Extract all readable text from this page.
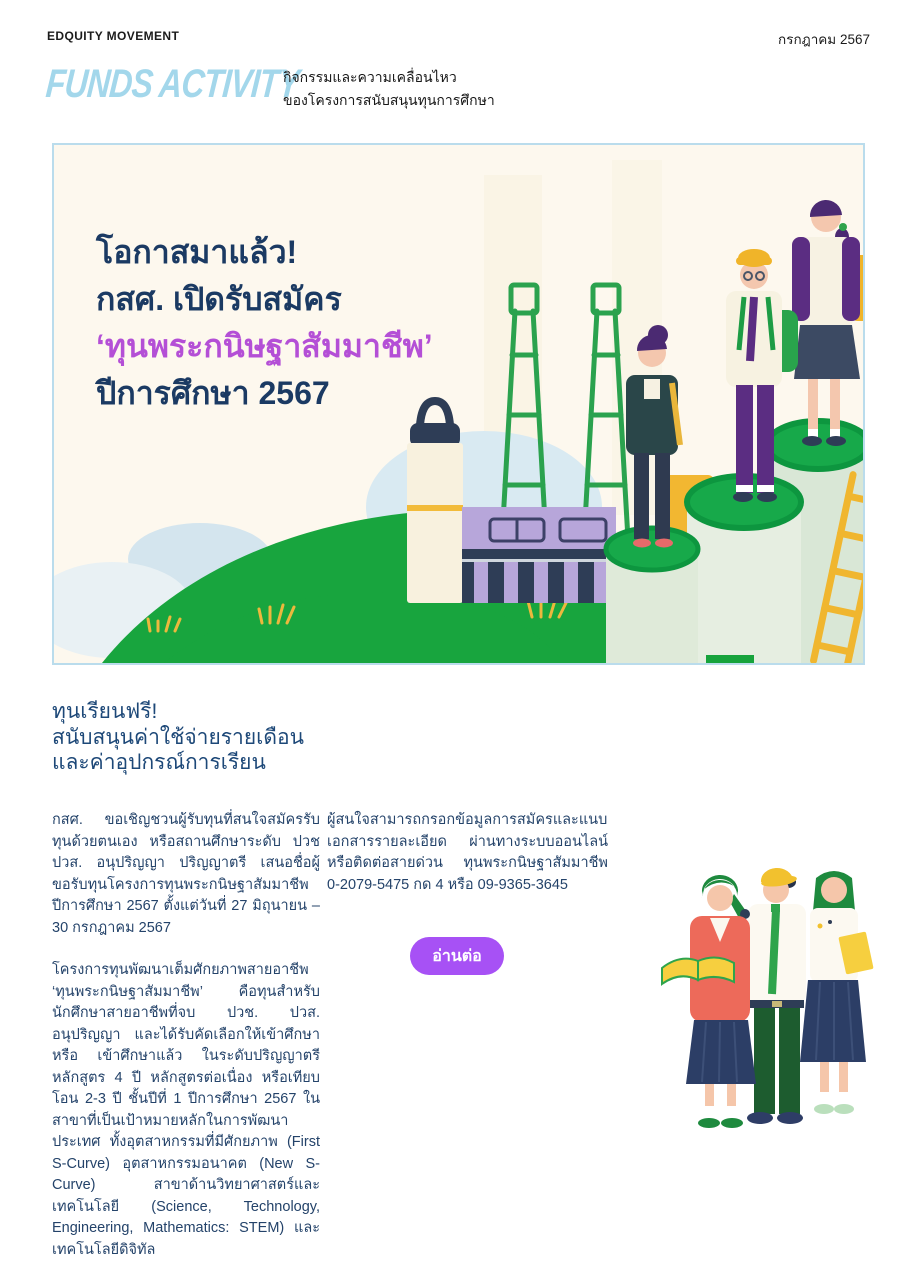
EDQUITY MOVEMENT	กรกฎาคม 2567
FUNDS ACTIVITY
กิจกรรมและความเคลื่อนไหว
ของโครงการสนับสนุนทุนการศึกษา
โอกาสมาแล้ว!
กสศ. เปิดรับสมัคร
‘ทุนพระกนิษฐาสัมมาชีพ’
ปีการศึกษา 2567
ทุนเรียนฟรี!
สนับสนุนค่าใช้จ่ายรายเดือน
และค่าอุปกรณ์การเรียน

กสศ. ขอเชิญชวนผู้รับทุนที่สนใจสมัครรับทุนด้วยตนเอง หรือสถานศึกษาระดับ ปวช ปวส. อนุปริญญา ปริญญาตรี เสนอชื่อผู้ขอรับทุนโครงการทุนพระกนิษฐาสัมมาชีพ ปีการศึกษา 2567 ตั้งแต่วันที่ 27 มิถุนายน – 30 กรกฎาคม 2567

โครงการทุนพัฒนาเต็มศักยภาพสายอาชีพ ‘ทุนพระกนิษฐาสัมมาชีพ’ คือทุนสำหรับนักศึกษาสายอาชีพที่จบ ปวช. ปวส. อนุปริญญา และได้รับคัดเลือกให้เข้าศึกษา หรือ เข้าศึกษาแล้ว ในระดับปริญญาตรีหลักสูตร 4 ปี หลักสูตรต่อเนื่อง หรือเทียบโอน 2-3 ปี ชั้นปีที่ 1 ปีการศึกษา 2567 ในสาขาที่เป็นเป้าหมายหลักในการพัฒนาประเทศ ทั้งอุตสาหกรรมที่มีศักยภาพ (First S-Curve) อุตสาหกรรมอนาคต (New S-Curve) สาขาด้านวิทยาศาสตร์และเทคโนโลยี (Science, Technology, Engineering, Mathematics: STEM) และเทคโนโลยีดิจิทัล

ผู้สนใจสามารถกรอกข้อมูลการสมัครและแนบเอกสารรายละเอียด ผ่านทางระบบออนไลน์ หรือติดต่อสายด่วน ทุนพระกนิษฐาสัมมาชีพ 0-2079-5475 กด 4 หรือ 09-9365-3645

อ่านต่อ
